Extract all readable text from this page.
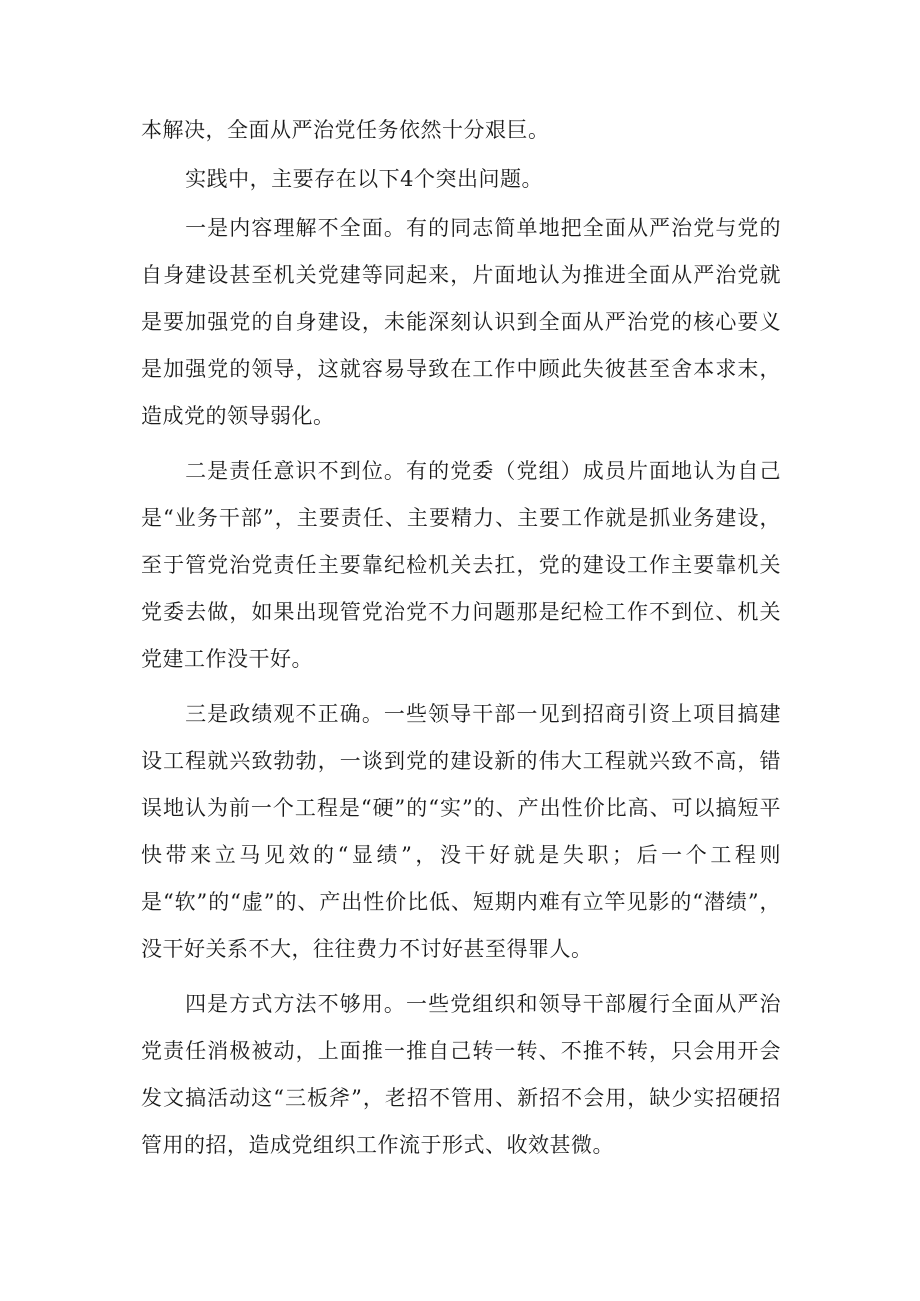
本解决，全面从严治党任务依然十分艰巨。

实践中，主要存在以下4个突出问题。

一是内容理解不全面。有的同志简单地把全面从严治党与党的自身建设甚至机关党建等同起来，片面地认为推进全面从严治党就是要加强党的自身建设，未能深刻认识到全面从严治党的核心要义是加强党的领导，这就容易导致在工作中顾此失彼甚至舍本求末，造成党的领导弱化。

二是责任意识不到位。有的党委（党组）成员片面地认为自己是“业务干部”，主要责任、主要精力、主要工作就是抓业务建设，至于管党治党责任主要靠纪检机关去扛，党的建设工作主要靠机关党委去做，如果出现管党治党不力问题那是纪检工作不到位、机关党建工作没干好。

三是政绩观不正确。一些领导干部一见到招商引资上项目搞建设工程就兴致勃勃，一谈到党的建设新的伟大工程就兴致不高，错误地认为前一个工程是“硬”的“实”的、产出性价比高、可以搞短平快带来立马见效的“显绩”，没干好就是失职；后一个工程则是“软”的“虚”的、产出性价比低、短期内难有立竿见影的“潜绩”，没干好关系不大，往往费力不讨好甚至得罪人。

四是方式方法不够用。一些党组织和领导干部履行全面从严治党责任消极被动，上面推一推自己转一转、不推不转，只会用开会发文搞活动这“三板斧”，老招不管用、新招不会用，缺少实招硬招管用的招，造成党组织工作流于形式、收效甚微。
